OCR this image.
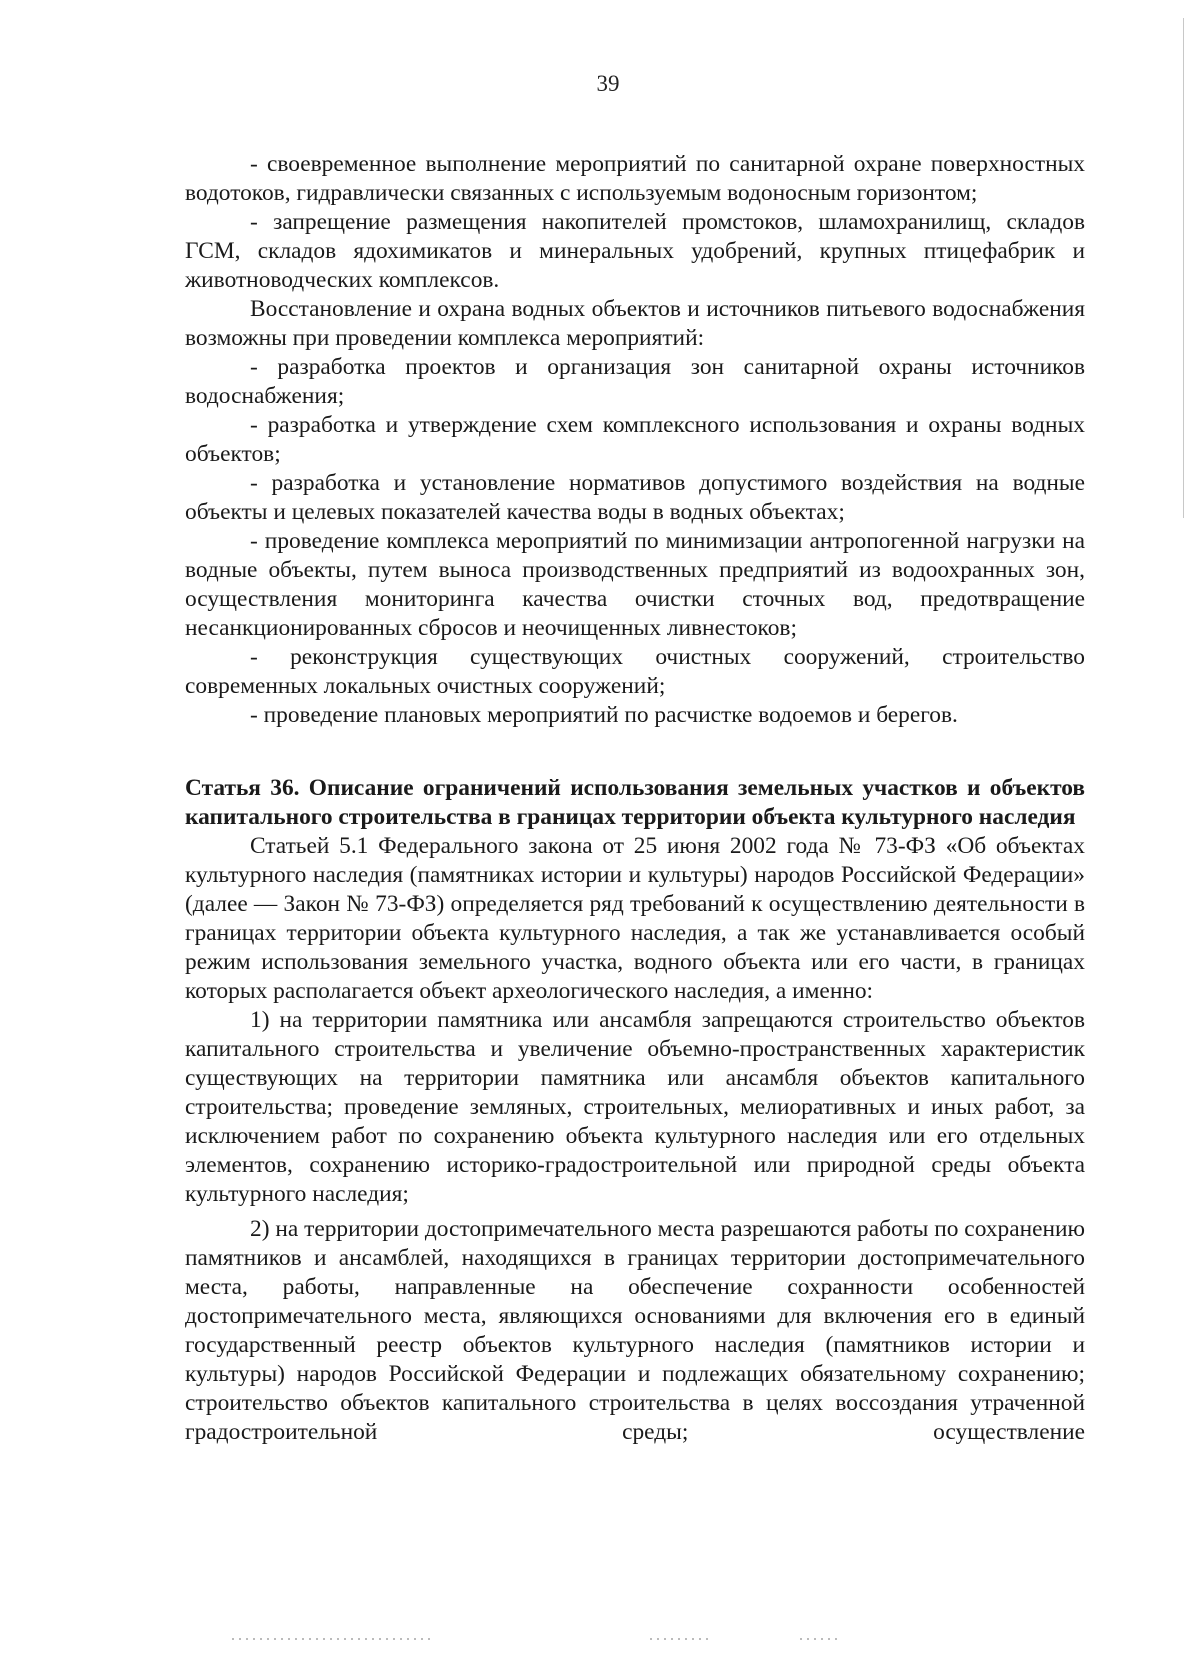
39

- своевременное выполнение мероприятий по санитарной охране поверхностных водотоков, гидравлически связанных с используемым водоносным горизонтом;

- запрещение размещения накопителей промстоков, шламохранилищ, складов ГСМ, складов ядохимикатов и минеральных удобрений, крупных птицефабрик и животноводческих комплексов.

Восстановление и охрана водных объектов и источников питьевого водоснабжения возможны при проведении комплекса мероприятий:

- разработка проектов и организация зон санитарной охраны источников водоснабжения;

- разработка и утверждение схем комплексного использования и охраны водных объектов;

- разработка и установление нормативов допустимого воздействия на водные объекты и целевых показателей качества воды в водных объектах;

- проведение комплекса мероприятий по минимизации антропогенной нагрузки на водные объекты, путем выноса производственных предприятий из водоохранных зон, осуществления мониторинга качества очистки сточных вод, предотвращение несанкционированных сбросов и неочищенных ливнестоков;

- реконструкция существующих очистных сооружений, строительство современных локальных очистных сооружений;

- проведение плановых мероприятий по расчистке водоемов и берегов.

Статья 36. Описание ограничений использования земельных участков и объектов капитального строительства в границах территории объекта культурного наследия

Статьей 5.1 Федерального закона от 25 июня 2002 года № 73-ФЗ «Об объектах культурного наследия (памятниках истории и культуры) народов Российской Федерации» (далее — Закон № 73-ФЗ) определяется ряд требований к осуществлению деятельности в границах территории объекта культурного наследия, а так же устанавливается особый режим использования земельного участка, водного объекта или его части, в границах которых располагается объект археологического наследия, а именно:

1) на территории памятника или ансамбля запрещаются строительство объектов капитального строительства и увеличение объемно-пространственных характеристик существующих на территории памятника или ансамбля объектов капитального строительства; проведение земляных, строительных, мелиоративных и иных работ, за исключением работ по сохранению объекта культурного наследия или его отдельных элементов, сохранению историко-градостроительной или природной среды объекта культурного наследия;

2) на территории достопримечательного места разрешаются работы по сохранению памятников и ансамблей, находящихся в границах территории достопримечательного места, работы, направленные на обеспечение сохранности особенностей достопримечательного места, являющихся основаниями для включения его в единый государственный реестр объектов культурного наследия (памятников истории и культуры) народов Российской Федерации и подлежащих обязательному сохранению; строительство объектов капитального строительства в целях воссоздания утраченной градостроительной среды; осуществление
